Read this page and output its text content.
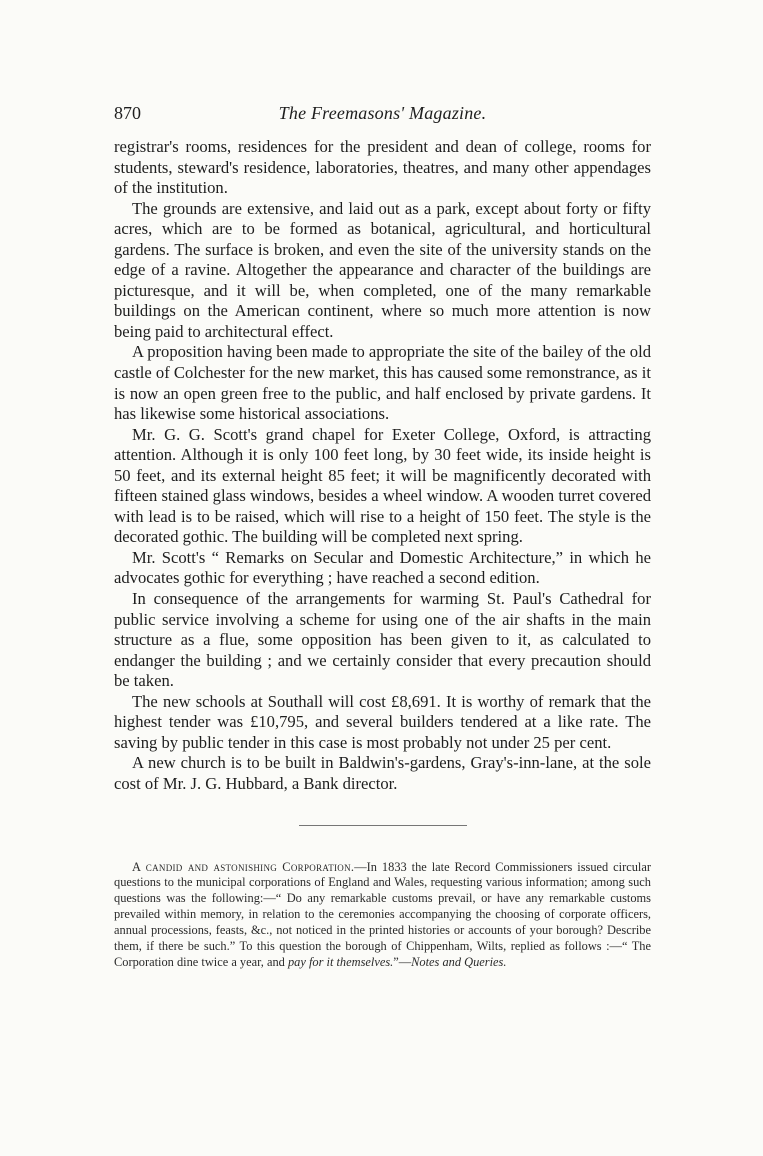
870	The Freemasons' Magazine.

registrar's rooms, residences for the president and dean of college, rooms for students, steward's residence, laboratories, theatres, and many other appendages of the institution.

The grounds are extensive, and laid out as a park, except about forty or fifty acres, which are to be formed as botanical, agricultural, and horticultural gardens. The surface is broken, and even the site of the university stands on the edge of a ravine. Altogether the appearance and character of the buildings are picturesque, and it will be, when completed, one of the many remarkable buildings on the American continent, where so much more attention is now being paid to architectural effect.

A proposition having been made to appropriate the site of the bailey of the old castle of Colchester for the new market, this has caused some remonstrance, as it is now an open green free to the public, and half enclosed by private gardens. It has likewise some historical associations.

Mr. G. G. Scott's grand chapel for Exeter College, Oxford, is attracting attention. Although it is only 100 feet long, by 30 feet wide, its inside height is 50 feet, and its external height 85 feet; it will be magnificently decorated with fifteen stained glass windows, besides a wheel window. A wooden turret covered with lead is to be raised, which will rise to a height of 150 feet. The style is the decorated gothic. The building will be completed next spring.

Mr. Scott's “ Remarks on Secular and Domestic Architecture,” in which he advocates gothic for everything ; have reached a second edition.

In consequence of the arrangements for warming St. Paul's Cathedral for public service involving a scheme for using one of the air shafts in the main structure as a flue, some opposition has been given to it, as calculated to endanger the building ; and we certainly consider that every precaution should be taken.

The new schools at Southall will cost £8,691. It is worthy of remark that the highest tender was £10,795, and several builders tendered at a like rate. The saving by public tender in this case is most probably not under 25 per cent.

A new church is to be built in Baldwin's-gardens, Gray's-inn-lane, at the sole cost of Mr. J. G. Hubbard, a Bank director.

A candid and astonishing Corporation.—In 1833 the late Record Commissioners issued circular questions to the municipal corporations of England and Wales, requesting various information; among such questions was the following:—“ Do any remarkable customs prevail, or have any remarkable customs prevailed within memory, in relation to the ceremonies accompanying the choosing of corporate officers, annual processions, feasts, &c., not noticed in the printed histories or accounts of your borough? Describe them, if there be such.” To this question the borough of Chippenham, Wilts, replied as follows :—“ The Corporation dine twice a year, and pay for it themselves.”—Notes and Queries.
